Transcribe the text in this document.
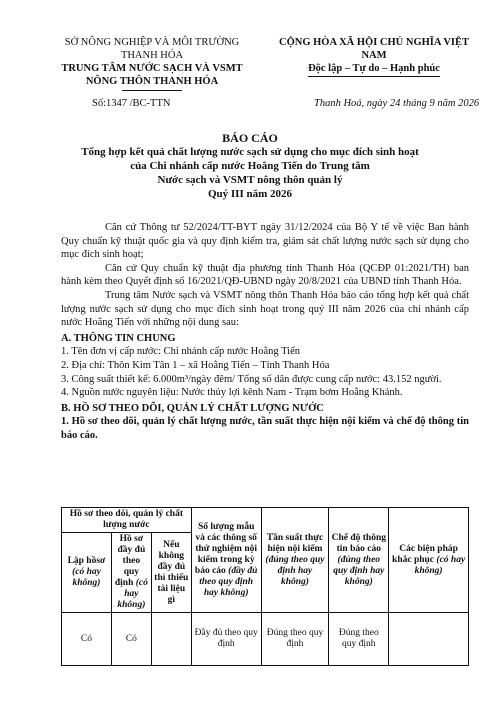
SỞ NÔNG NGHIỆP VÀ MÔI TRƯỜNG
THANH HÓA
TRUNG TÂM NƯỚC SẠCH VÀ VSMT
NÔNG THÔN THANH HÓA
CỘNG HÒA XÃ HỘI CHỦ NGHĨA VIỆT NAM
Độc lập – Tự do – Hạnh phúc
Số:1347 /BC-TTN	Thanh Hoá, ngày 24 tháng 9 năm 2026
BÁO CÁO
Tổng hợp kết quả chất lượng nước sạch sử dụng cho mục đích sinh hoạt
của Chi nhánh cấp nước Hoằng Tiến do Trung tâm
Nước sạch và VSMT nông thôn quản lý
Quý III năm 2026

Căn cứ Thông tư 52/2024/TT-BYT ngày 31/12/2024 của Bộ Y tế về việc Ban hành Quy chuẩn kỹ thuật quốc gia và quy định kiểm tra, giám sát chất lượng nước sạch sử dụng cho mục đích sinh hoạt;

Căn cứ Quy chuẩn kỹ thuật địa phương tỉnh Thanh Hóa (QCĐP 01:2021/TH) ban hành kèm theo Quyết định số 16/2021/QĐ-UBND ngày 20/8/2021 của UBND tỉnh Thanh Hóa.

Trung tâm Nước sạch và VSMT nông thôn Thanh Hóa báo cáo tổng hợp kết quả chất lượng nước sạch sử dụng cho mục đích sinh hoạt trong quý III năm 2026 của chi nhánh cấp nước Hoằng Tiến với những nội dung sau:

A. THÔNG TIN CHUNG

1. Tên đơn vị cấp nước: Chi nhánh cấp nước Hoằng Tiến

2. Địa chỉ: Thôn Kim Tân 1 – xã Hoằng Tiến – Tỉnh Thanh Hóa

3. Công suất thiết kế: 6.000m³/ngày đêm/ Tổng số dân được cung cấp nước: 43.152 người.

4. Nguồn nước nguyên liệu: Nước thủy lợi kênh Nam - Trạm bơm Hoằng Khánh.

B. HỒ SƠ THEO DÕI, QUẢN LÝ CHẤT LƯỢNG NƯỚC

1. Hồ sơ theo dõi, quản lý chất lượng nước, tần suất thực hiện nội kiểm và chế độ thông tin báo cáo.

Hồ sơ theo dõi, quản lý chất lượng nước			Số lượng mẫu và các thông số thử nghiệm nội kiểm trong kỳ báo cáo (đầy đủ theo quy định hay không)	Tần suất thực hiện nội kiểm (đúng theo quy định hay không)	Chế độ thông tin báo cáo (đúng theo quy định hay không)	Các biện pháp khắc phục (có hay không)
Lập hồsơ (có hay không)	Hồ sơ đầy đủ theo quy định (có hay không)	Nếu không đầy đủ thì thiếu tài liệu gì				
Có	Có		Đầy đủ theo quy định	Đúng theo quy định	Đúng theo quy định	
